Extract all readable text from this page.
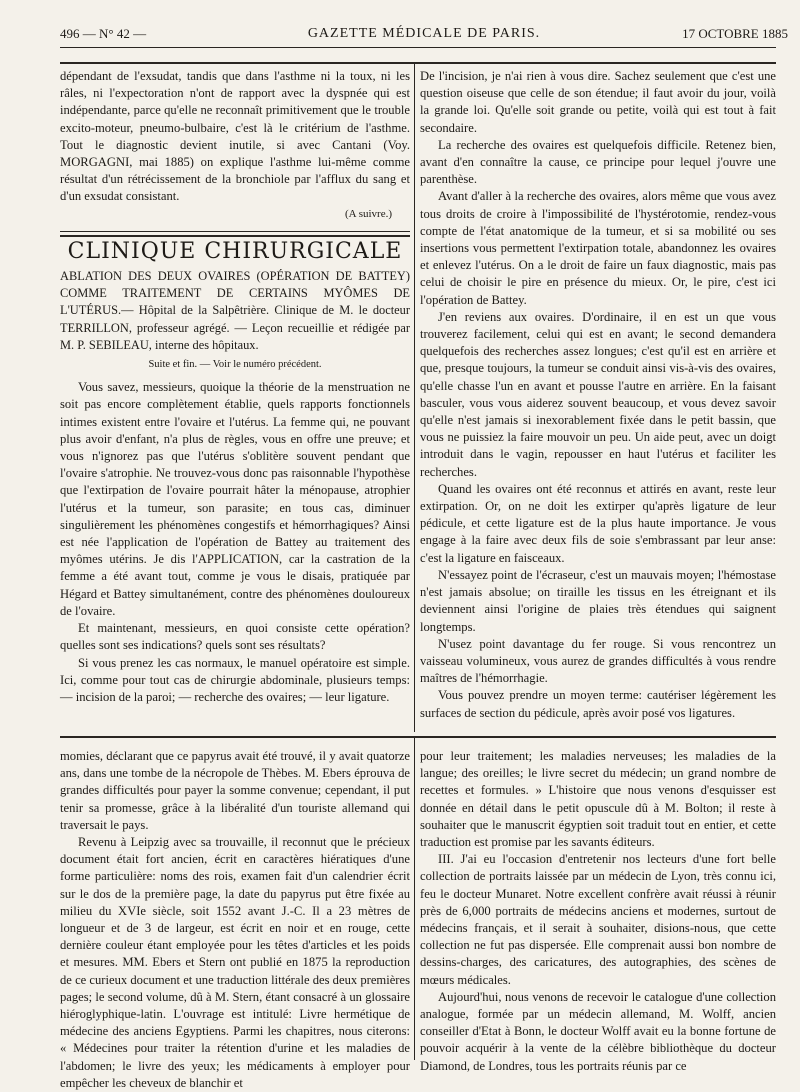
496 — N° 42 —	GAZETTE MÉDICALE DE PARIS.	17 OCTOBRE 1885

dépendant de l'exsudat, tandis que dans l'asthme ni la toux, ni les râles, ni l'expectoration n'ont de rapport avec la dyspnée qui est indépendante, parce qu'elle ne reconnaît primitivement que le trouble excito-moteur, pneumo-bulbaire, c'est là le critérium de l'asthme. Tout le diagnostic devient inutile, si avec Cantani (Voy. MORGAGNI, mai 1885) on explique l'asthme lui-même comme résultat d'un rétrécissement de la bronchiole par l'afflux du sang et d'un exsudat consistant.

(A suivre.)
CLINIQUE CHIRURGICALE

ABLATION DES DEUX OVAIRES (OPÉRATION DE BATTEY) COMME TRAITEMENT DE CERTAINS MYÔMES DE L'UTÉRUS.— Hôpital de la Salpêtrière. Clinique de M. le docteur TERRILLON, professeur agrégé. — Leçon recueillie et rédigée par M. P. SEBILEAU, interne des hôpitaux.

Suite et fin. — Voir le numéro précédent.

Vous savez, messieurs, quoique la théorie de la menstruation ne soit pas encore complètement établie, quels rapports fonctionnels intimes existent entre l'ovaire et l'utérus. La femme qui, ne pouvant plus avoir d'enfant, n'a plus de règles, vous en offre une preuve; et vous n'ignorez pas que l'utérus s'oblitère souvent pendant que l'ovaire s'atrophie. Ne trouvez-vous donc pas raisonnable l'hypothèse que l'extirpation de l'ovaire pourrait hâter la ménopause, atrophier l'utérus et la tumeur, son parasite; en tous cas, diminuer singulièrement les phénomènes congestifs et hémorrhagiques? Ainsi est née l'application de l'opération de Battey au traitement des myômes utérins. Je dis l'APPLICATION, car la castration de la femme a été avant tout, comme je vous le disais, pratiquée par Hégard et Battey simultanément, contre des phénomènes douloureux de l'ovaire.

Et maintenant, messieurs, en quoi consiste cette opération? quelles sont ses indications? quels sont ses résultats?

Si vous prenez les cas normaux, le manuel opératoire est simple. Ici, comme pour tout cas de chirurgie abdominale, plusieurs temps: — incision de la paroi; — recherche des ovaires; — leur ligature.

De l'incision, je n'ai rien à vous dire. Sachez seulement que c'est une question oiseuse que celle de son étendue; il faut avoir du jour, voilà la grande loi. Qu'elle soit grande ou petite, voilà qui est tout à fait secondaire.

La recherche des ovaires est quelquefois difficile. Retenez bien, avant d'en connaître la cause, ce principe pour lequel j'ouvre une parenthèse.

Avant d'aller à la recherche des ovaires, alors même que vous avez tous droits de croire à l'impossibilité de l'hystérotomie, rendez-vous compte de l'état anatomique de la tumeur, et si sa mobilité ou ses insertions vous permettent l'extirpation totale, abandonnez les ovaires et enlevez l'utérus. On a le droit de faire un faux diagnostic, mais pas celui de choisir le pire en présence du mieux. Or, le pire, c'est ici l'opération de Battey.

J'en reviens aux ovaires. D'ordinaire, il en est un que vous trouverez facilement, celui qui est en avant; le second demandera quelquefois des recherches assez longues; c'est qu'il est en arrière et que, presque toujours, la tumeur se conduit ainsi vis-à-vis des ovaires, qu'elle chasse l'un en avant et pousse l'autre en arrière. En la faisant basculer, vous vous aiderez souvent beaucoup, et vous devez savoir qu'elle n'est jamais si inexorablement fixée dans le petit bassin, que vous ne puissiez la faire mouvoir un peu. Un aide peut, avec un doigt introduit dans le vagin, repousser en haut l'utérus et faciliter les recherches.

Quand les ovaires ont été reconnus et attirés en avant, reste leur extirpation. Or, on ne doit les extirper qu'après ligature de leur pédicule, et cette ligature est de la plus haute importance. Je vous engage à la faire avec deux fils de soie s'embrassant par leur anse: c'est la ligature en faisceaux.

N'essayez point de l'écraseur, c'est un mauvais moyen; l'hémostase n'est jamais absolue; on tiraille les tissus en les étreignant et ils deviennent ainsi l'origine de plaies très étendues qui saignent longtemps.

N'usez point davantage du fer rouge. Si vous rencontrez un vaisseau volumineux, vous aurez de grandes difficultés à vous rendre maîtres de l'hémorrhagie.

Vous pouvez prendre un moyen terme: cautériser légèrement les surfaces de section du pédicule, après avoir posé vos ligatures.

momies, déclarant que ce papyrus avait été trouvé, il y avait quatorze ans, dans une tombe de la nécropole de Thèbes. M. Ebers éprouva de grandes difficultés pour payer la somme convenue; cependant, il put tenir sa promesse, grâce à la libéralité d'un touriste allemand qui traversait le pays.

Revenu à Leipzig avec sa trouvaille, il reconnut que le précieux document était fort ancien, écrit en caractères hiératiques d'une forme particulière: noms des rois, examen fait d'un calendrier écrit sur le dos de la première page, la date du papyrus put être fixée au milieu du XVIe siècle, soit 1552 avant J.-C. Il a 23 mètres de longueur et de 3 de largeur, est écrit en noir et en rouge, cette dernière couleur étant employée pour les têtes d'articles et les poids et mesures. MM. Ebers et Stern ont publié en 1875 la reproduction de ce curieux document et une traduction littérale des deux premières pages; le second volume, dû à M. Stern, étant consacré à un glossaire hiéroglyphique-latin. L'ouvrage est intitulé: Livre hermétique de médecine des anciens Egyptiens. Parmi les chapitres, nous citerons: « Médecines pour traiter la rétention d'urine et les maladies de l'abdomen; le livre des yeux; les médicaments à employer pour empêcher les cheveux de blanchir et

pour leur traitement; les maladies nerveuses; les maladies de la langue; des oreilles; le livre secret du médecin; un grand nombre de recettes et formules. » L'histoire que nous venons d'esquisser est donnée en détail dans le petit opuscule dû à M. Bolton; il reste à souhaiter que le manuscrit égyptien soit traduit tout en entier, et cette traduction est promise par les savants éditeurs.

III. J'ai eu l'occasion d'entretenir nos lecteurs d'une fort belle collection de portraits laissée par un médecin de Lyon, très connu ici, feu le docteur Munaret. Notre excellent confrère avait réussi à réunir près de 6,000 portraits de médecins anciens et modernes, surtout de médecins français, et il serait à souhaiter, disions-nous, que cette collection ne fut pas dispersée. Elle comprenait aussi bon nombre de dessins-charges, des caricatures, des autographies, des scènes de mœurs médicales.

Aujourd'hui, nous venons de recevoir le catalogue d'une collection analogue, formée par un médecin allemand, M. Wolff, ancien conseiller d'Etat à Bonn, le docteur Wolff avait eu la bonne fortune de pouvoir acquérir à la vente de la célèbre bibliothèque du docteur Diamond, de Londres, tous les portraits réunis par ce
